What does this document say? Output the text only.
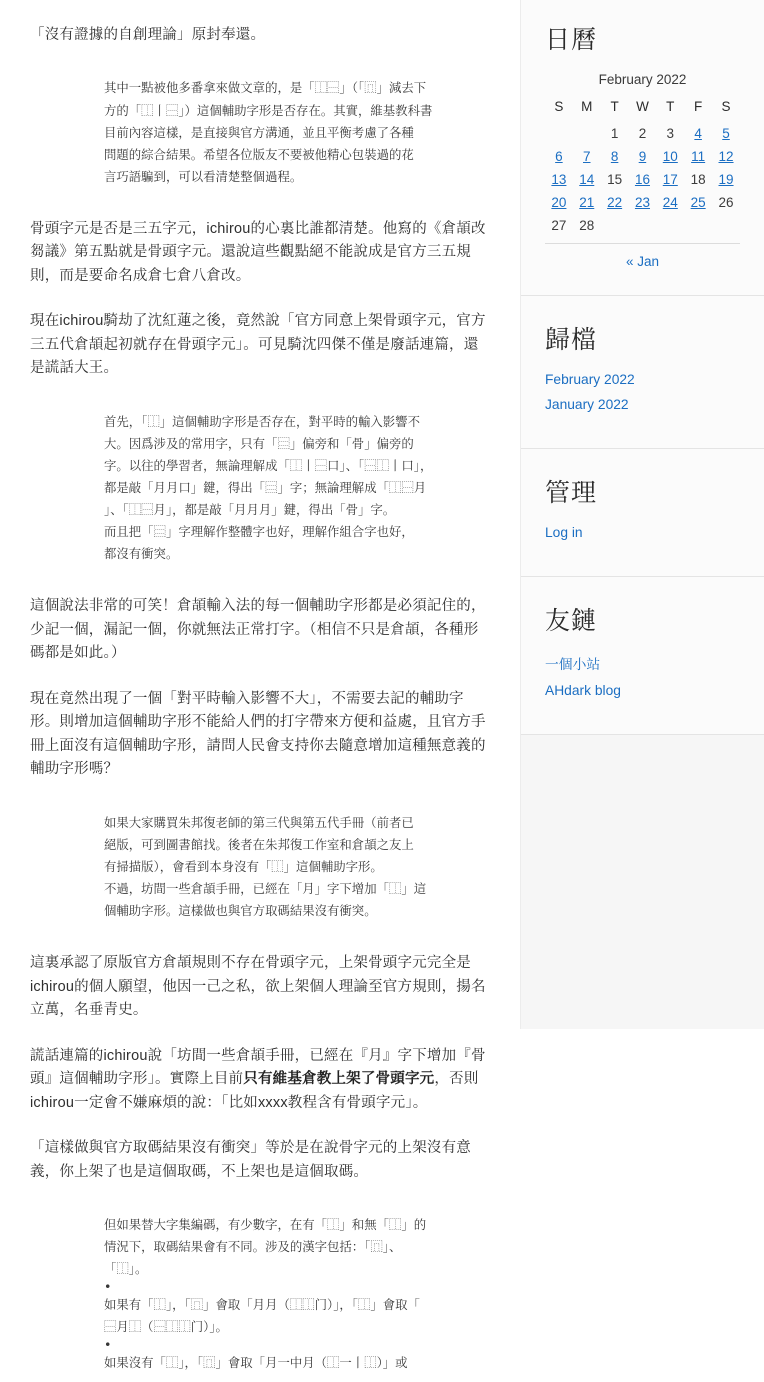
「沒有證據的自創理論」原封奉還。

其中一點被他多番拿來做文章的，是「⿰⿱」（「⿵」減去下
方的「⿰丨⿱」）這個輔助字形是否存在。其實，維基教科書
目前內容這樣，是直接與官方溝通，並且平衡考慮了各種
問題的綜合結果。希望各位版友不要被他精心包裝過的花
言巧語騙到，可以看清楚整個過程。

骨頭字元是否是三五字元，ichirou的心裏比誰都清楚。他寫的《倉頡改芻議》第五點就是骨頭字元。還說這些觀點絕不能說成是官方三五規則，而是要命名成倉七倉八倉改。

現在ichirou騎劫了沈紅蓮之後，竟然說「官方同意上架骨頭字元，官方三五代倉頡起初就存在骨頭字元」。可見騎沈四傑不僅是廢話連篇，還是謊話大王。

首先，「⿰」這個輔助字形是否存在，對平時的輸入影響不
大。因爲涉及的常用字，只有「⿳」偏旁和「骨」偏旁的
字。以往的學習者，無論理解成「⿰丨⿱口」、「⿱⿰丨口」，
都是敲「月月口」鍵，得出「⿳」字；無論理解成「⿰⿱月
」、「⿰⿱月」，都是敲「月月月」鍵，得出「骨」字。
而且把「⿳」字理解作整體字也好，理解作組合字也好，
都沒有衝突。

這個說法非常的可笑！倉頡輸入法的每一個輔助字形都是必須記住的，少記一個，漏記一個，你就無法正常打字。（相信不只是倉頡，各種形碼都是如此。）

現在竟然出現了一個「對平時輸入影響不大」，不需要去記的輔助字形。則增加這個輔助字形不能給人們的打字帶來方便和益處，且官方手冊上面沒有這個輔助字形，請問人民會支持你去隨意增加這種無意義的輔助字形嗎？

如果大家購買朱邦復老師的第三代與第五代手冊（前者已
絕版，可到圖書館找。後者在朱邦復工作室和倉頡之友上
有掃描版），會看到本身沒有「⿰」這個輔助字形。
不過，坊間一些倉頡手冊，已經在「月」字下增加「⿰」這
個輔助字形。這樣做也與官方取碼結果沒有衝突。

這裏承認了原版官方倉頡規則不存在骨頭字元，上架骨頭字元完全是ichirou的個人願望，他因一己之私，欲上架個人理論至官方規則，揚名立萬，名垂青史。

謊話連篇的ichirou說「坊間一些倉頡手冊，已經在『月』字下增加『骨頭』這個輔助字形」。實際上目前只有維基倉教上架了骨頭字元，否則ichirou一定會不嫌麻煩的說：「比如xxxx教程含有骨頭字元」。

「這樣做與官方取碼結果沒有衝突」等於是在說骨字元的上架沒有意義，你上架了也是這個取碼，不上架也是這個取碼。

但如果替大字集編碼，有少數字，在有「⿰」和無「⿰」的
情況下，取碼結果會有不同。涉及的漢字包括：「⿵」、
「⿰」。
•
如果有「⿰」，「⿵」會取「月月（⿰⿰门）」，「⿰」會取「
⿱月⿰（⿱⿰⿰门）」。
•
如果沒有「⿰」，「⿵」會取「月一中月（⿰一丨⿰）」或
日曆
February 2022
S	M	T	W	T	F	S
		1	2	3	4	5
6	7	8	9	10	11	12
13	14	15	16	17	18	19
20	21	22	23	24	25	26
27	28					
« Jan
歸檔
February 2022
January 2022
管理
Log in
友鏈
一個小站
AHdark blog
